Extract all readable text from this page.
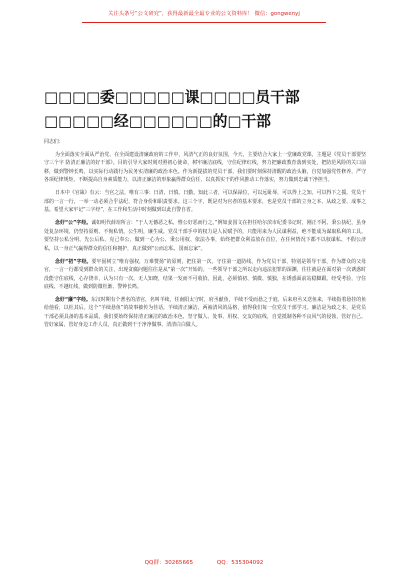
关注头条号“公文研究”，获得最新最全最专业的公文资料库！ 微信：gongwenyj
□□□□委□□□□□课□□□□员干部□□□□□经□□□□□□的□干部

同志们：

为全面落实全面从严治党、在全面建设清廉政府的工作中，风清气正的良好氛围，今天，主要结合大家上一堂廉政党课，主题是《党员干部要坚守三个字 防清正廉洁的好干部》。目的引导大家时刻对照初心使命，树牢廉洁底线，守住纪律红线，努力把廉政教育落到实处，把防范风险的关口前移，做到警钟长鸣，以实际行动践行为民务实清廉的政治本色。作为新提拔的党员干部，我们要时刻保持清醒的政治头脑，自觉加强党性修养，严守各项纪律规矩，不断提高自身素质能力，以清正廉洁的形象赢得群众信任，以真抓实干的作风推动工作落实，努力做到忠诚干净担当。

日本中《官箴》有云：当官之法，唯有三事：曰清、曰慎、曰勤。知此三者，可以保禄位，可以远耻辱，可以得上之知，可以得下之援。党员干部的一言一行，一举一动必须合乎法纪，符合身份和职责要求。这三个字，既是对为官者的基本要求，也是党员干部的立身之本、从政之要、成事之基。希望大家牢记“三字经”，在工作和生活中时刻做到以此自警自省。

念好“公”字经。诚如明代薛瑄所言：“于人无憾恶之私，惟公好恶而行之。”例如姜国文在担任哈尔滨市纪委书记时，刚正不阿、秉公执纪，虽身处复杂环境，仍坚持原则、不徇私情。公生明，廉生威。党员干部手中的权力是人民赋予的，只能用来为人民谋利益，绝不能成为谋取私利的工具。要坚持公私分明、先公后私、克己奉公，做到一心为公、秉公用权、依法办事，始终把群众利益放在首位，在任何情况下都不以权谋私、不假公济私，以一身正气赢得群众的信任和拥护，真正做到“公而忘私，国而忘家”。

念好“初”字经。要牢固树立“唯有强权，万难赞扬”的原则，把住第一次，守住第一道防线。作为党员干部，特别是领导干部，作为群众的父母官，一言一行都受到群众的关注，出现贪腐问题往往是从“第一次”开始的。一些领导干部之所以走向违法犯罪的深渊，往往就是在面对第一次诱惑时没能守住底线，心存侥幸，认为只有一次、无人知晓，结果一发而不可收拾。因此，必须慎初、慎微、慎独，在诱惑面前站稳脚跟、经受考验，守住底线、不越红线，做到防微杜渐、警钟长鸣。

念好“廉”字经。东汉时期有个著名的清官，名叫羊续，任南阳太守时，府丞献鱼，羊续不受而悬之于庭，后来府丞又送鱼来，羊续指着悬挂的鱼给他看，以杜其后。这个“羊续悬鱼”的故事被传为佳话。羊续清正廉洁、两袖清风的品格，值得我们每一位党员干部学习。廉洁是为政之本，是党员干部必须具备的基本品质。我们要始终保持清正廉洁的政治本色，坚守做人、处事、用权、交友的底线，自觉抵制各种不良风气的侵蚀，管好自己、管好家属、管好身边工作人员，真正做到干干净净做事、清清白白做人。

QQ群：30265665	QQ：535304092
